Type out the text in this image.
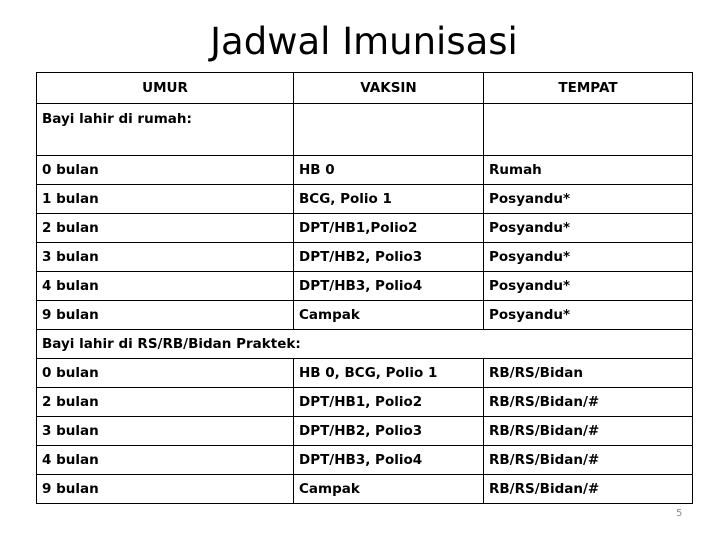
Jadwal Imunisasi
UMUR	VAKSIN	TEMPAT
Bayi lahir di rumah:		
0 bulan	HB 0	Rumah
1 bulan	BCG, Polio 1	Posyandu*
2 bulan	DPT/HB1,Polio2	Posyandu*
3 bulan	DPT/HB2, Polio3	Posyandu*
4 bulan	DPT/HB3, Polio4	Posyandu*
9 bulan	Campak	Posyandu*
Bayi lahir di RS/RB/Bidan Praktek:		
0 bulan	HB 0, BCG, Polio 1	RB/RS/Bidan
2 bulan	DPT/HB1, Polio2	RB/RS/Bidan/#
3 bulan	DPT/HB2, Polio3	RB/RS/Bidan/#
4 bulan	DPT/HB3, Polio4	RB/RS/Bidan/#
9 bulan	Campak	RB/RS/Bidan/#
5
